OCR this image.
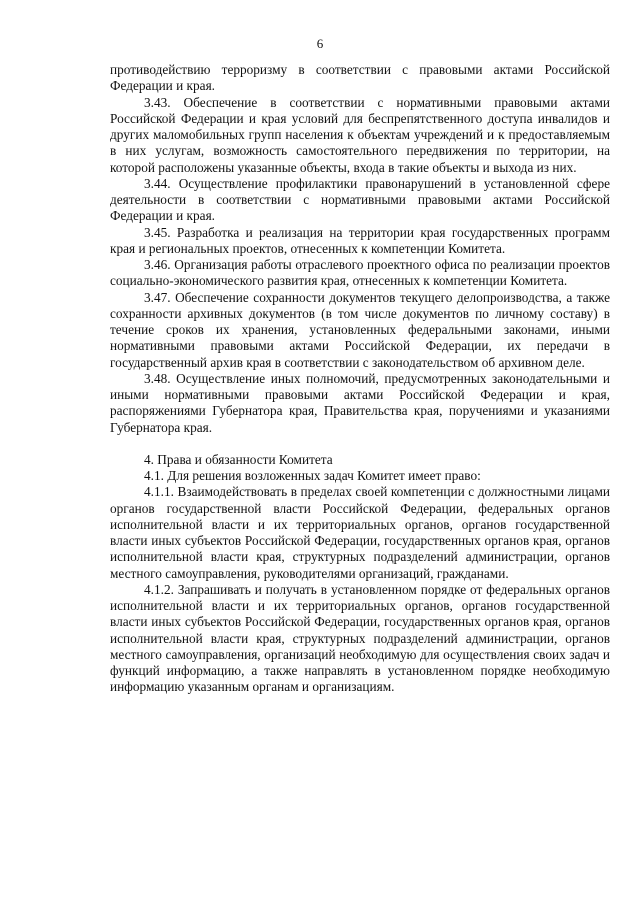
6

противодействию терроризму в соответствии с правовыми актами Российской Федерации и края.

3.43. Обеспечение в соответствии с нормативными правовыми актами Российской Федерации и края условий для беспрепятственного доступа инвалидов и других маломобильных групп населения к объектам учреждений и к предоставляемым в них услугам, возможность самостоятельного передвижения по территории, на которой расположены указанные объекты, входа в такие объекты и выхода из них.

3.44. Осуществление профилактики правонарушений в установленной сфере деятельности в соответствии с нормативными правовыми актами Российской Федерации и края.

3.45. Разработка и реализация на территории края государственных программ края и региональных проектов, отнесенных к компетенции Комитета.

3.46. Организация работы отраслевого проектного офиса по реализации проектов социально-экономического развития края, отнесенных к компетенции Комитета.

3.47. Обеспечение сохранности документов текущего делопроизводства, а также сохранности архивных документов (в том числе документов по личному составу) в течение сроков их хранения, установленных федеральными законами, иными нормативными правовыми актами Российской Федерации, их передачи в государственный архив края в соответствии с законодательством об архивном деле.

3.48. Осуществление иных полномочий, предусмотренных законодательными и иными нормативными правовыми актами Российской Федерации и края, распоряжениями Губернатора края, Правительства края, поручениями и указаниями Губернатора края.

4. Права и обязанности Комитета

4.1. Для решения возложенных задач Комитет имеет право:

4.1.1. Взаимодействовать в пределах своей компетенции с должностными лицами органов государственной власти Российской Федерации, федеральных органов исполнительной власти и их территориальных органов, органов государственной власти иных субъектов Российской Федерации, государственных органов края, органов исполнительной власти края, структурных подразделений администрации, органов местного самоуправления, руководителями организаций, гражданами.

4.1.2. Запрашивать и получать в установленном порядке от федеральных органов исполнительной власти и их территориальных органов, органов государственной власти иных субъектов Российской Федерации, государственных органов края, органов исполнительной власти края, структурных подразделений администрации, органов местного самоуправления, организаций необходимую для осуществления своих задач и функций информацию, а также направлять в установленном порядке необходимую информацию указанным органам и организациям.
